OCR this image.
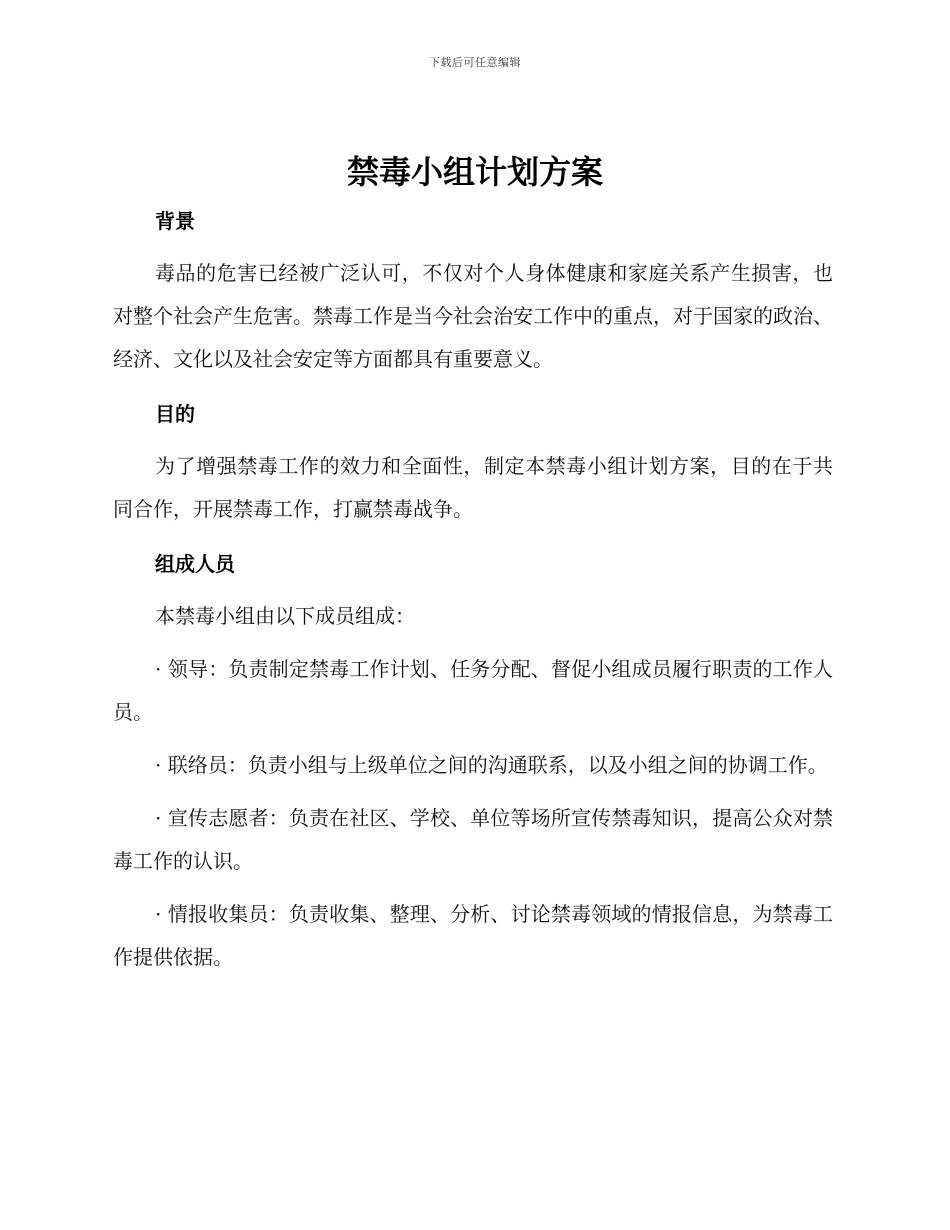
下载后可任意编辑
禁毒小组计划方案
背景

毒品的危害已经被广泛认可，不仅对个人身体健康和家庭关系产生损害，也对整个社会产生危害。禁毒工作是当今社会治安工作中的重点，对于国家的政治、经济、文化以及社会安定等方面都具有重要意义。

目的

为了增强禁毒工作的效力和全面性，制定本禁毒小组计划方案，目的在于共同合作，开展禁毒工作，打赢禁毒战争。

组成人员

本禁毒小组由以下成员组成：

· 领导：负责制定禁毒工作计划、任务分配、督促小组成员履行职责的工作人员。

· 联络员：负责小组与上级单位之间的沟通联系，以及小组之间的协调工作。

· 宣传志愿者：负责在社区、学校、单位等场所宣传禁毒知识，提高公众对禁毒工作的认识。

· 情报收集员：负责收集、整理、分析、讨论禁毒领域的情报信息，为禁毒工作提供依据。
